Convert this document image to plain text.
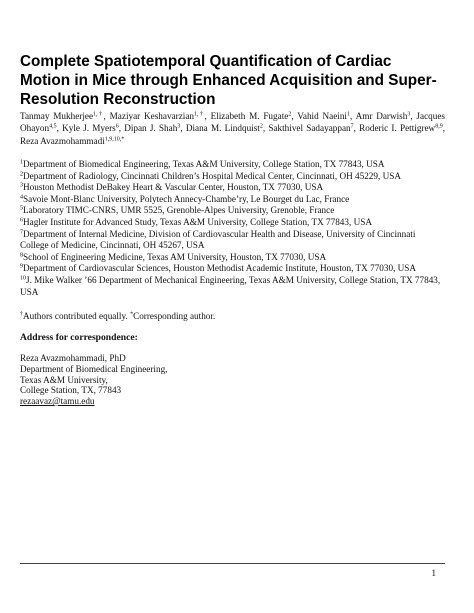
Complete Spatiotemporal Quantification of Cardiac Motion in Mice through Enhanced Acquisition and Super-Resolution Reconstruction
Tanmay Mukherjee$^{1,\dagger}$, Maziyar Keshavarzian$^{1,\dagger}$, Elizabeth M. Fugate$^2$, Vahid Naeini$^1$, Amr Darwish$^3$, Jacques Ohayon$^{4,5}$, Kyle J. Myers$^6$, Dipan J. Shah$^3$, Diana M. Lindquist$^2$, Sakthivel Sadayappan$^7$, Roderic I. Pettigrew$^{8,9}$, Reza Avazmohammadi$^{1,9,10,*}$
$^1$Department of Biomedical Engineering, Texas A&M University, College Station, TX 77843, USA
$^2$Department of Radiology, Cincinnati Children’s Hospital Medical Center, Cincinnati, OH 45229, USA
$^3$Houston Methodist DeBakey Heart & Vascular Center, Houston, TX 77030, USA
$^4$Savoie Mont-Blanc University, Polytech Annecy-Chambe’ry, Le Bourget du Lac, France
$^5$Laboratory TIMC-CNRS, UMR 5525, Grenoble-Alpes University, Grenoble, France
$^6$Hagler Institute for Advanced Study, Texas A&M University, College Station, TX 77843, USA
$^7$Department of Internal Medicine, Division of Cardiovascular Health and Disease, University of Cincinnati College of Medicine, Cincinnati, OH 45267, USA
$^8$School of Engineering Medicine, Texas AM University, Houston, TX 77030, USA
$^9$Department of Cardiovascular Sciences, Houston Methodist Academic Institute, Houston, TX 77030, USA
$^{10}$J. Mike Walker ’66 Department of Mechanical Engineering, Texas A&M University, College Station, TX 77843, USA
†Authors contributed equally. *Corresponding author.
Address for correspondence:
Reza Avazmohammadi, PhD
Department of Biomedical Engineering,
Texas A&M University,
College Station, TX, 77843
rezaavaz@tamu.edu
1
